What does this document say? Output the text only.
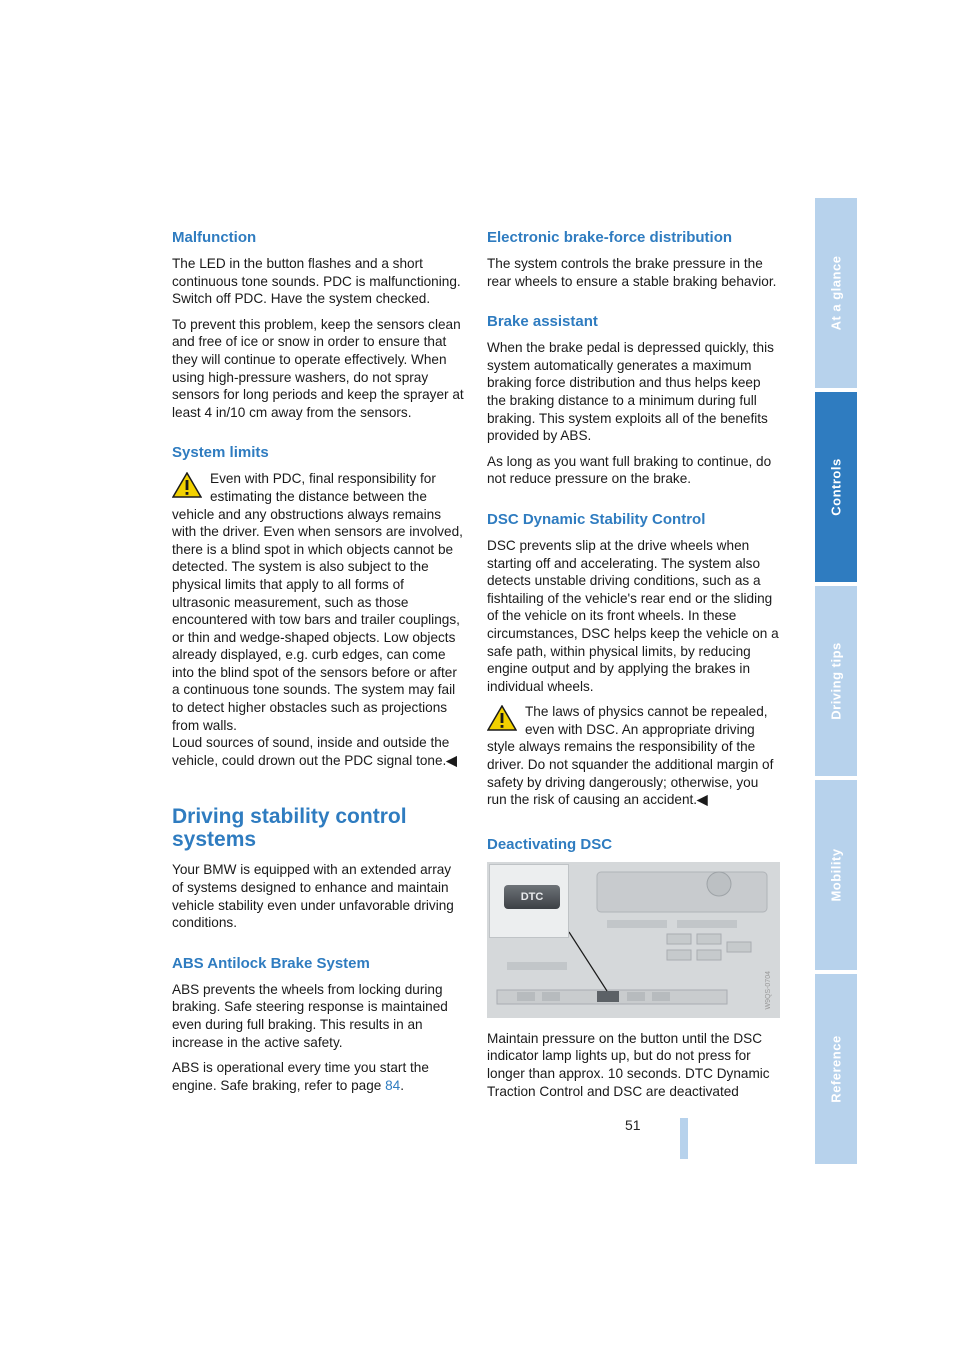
Malfunction

The LED in the button flashes and a short continuous tone sounds. PDC is malfunctioning. Switch off PDC. Have the system checked.

To prevent this problem, keep the sensors clean and free of ice or snow in order to ensure that they will continue to operate effectively. When using high-pressure washers, do not spray sensors for long periods and keep the sprayer at least 4 in/10 cm away from the sensors.

System limits
Even with PDC, final responsibility for estimating the distance between the vehicle and any obstructions always remains with the driver. Even when sensors are involved, there is a blind spot in which objects cannot be detected. The system is also subject to the physical limits that apply to all forms of ultrasonic measurement, such as those encountered with tow bars and trailer couplings, or thin and wedge-shaped objects. Low objects already displayed, e.g. curb edges, can come into the blind spot of the sensors before or after a continuous tone sounds. The system may fail to detect higher obstacles such as projections from walls.
Loud sources of sound, inside and outside the vehicle, could drown out the PDC signal tone.◀
Driving stability control systems

Your BMW is equipped with an extended array of systems designed to enhance and maintain vehicle stability even under unfavorable driving conditions.

ABS Antilock Brake System

ABS prevents the wheels from locking during braking. Safe steering response is maintained even during full braking. This results in an increase in the active safety.

ABS is operational every time you start the engine. Safe braking, refer to page 84.

Electronic brake-force distribution

The system controls the brake pressure in the rear wheels to ensure a stable braking behavior.

Brake assistant

When the brake pedal is depressed quickly, this system automatically generates a maximum braking force distribution and thus helps keep the braking distance to a minimum during full braking. This system exploits all of the benefits provided by ABS.

As long as you want full braking to continue, do not reduce pressure on the brake.

DSC Dynamic Stability Control

DSC prevents slip at the drive wheels when starting off and accelerating. The system also detects unstable driving conditions, such as a fishtailing of the vehicle's rear end or the sliding of the vehicle on its front wheels. In these circumstances, DSC helps keep the vehicle on a safe path, within physical limits, by reducing engine output and by applying the brakes in individual wheels.

The laws of physics cannot be repealed, even with DSC. An appropriate driving style always remains the responsibility of the driver. Do not squander the additional margin of safety by driving dangerously; otherwise, you run the risk of causing an accident.◀
Deactivating DSC
DTC
W9QS-0704

Maintain pressure on the button until the DSC indicator lamp lights up, but do not press for longer than approx. 10 seconds. DTC Dynamic Traction Control and DSC are deactivated

51
At a glance
Controls
Driving tips
Mobility
Reference
